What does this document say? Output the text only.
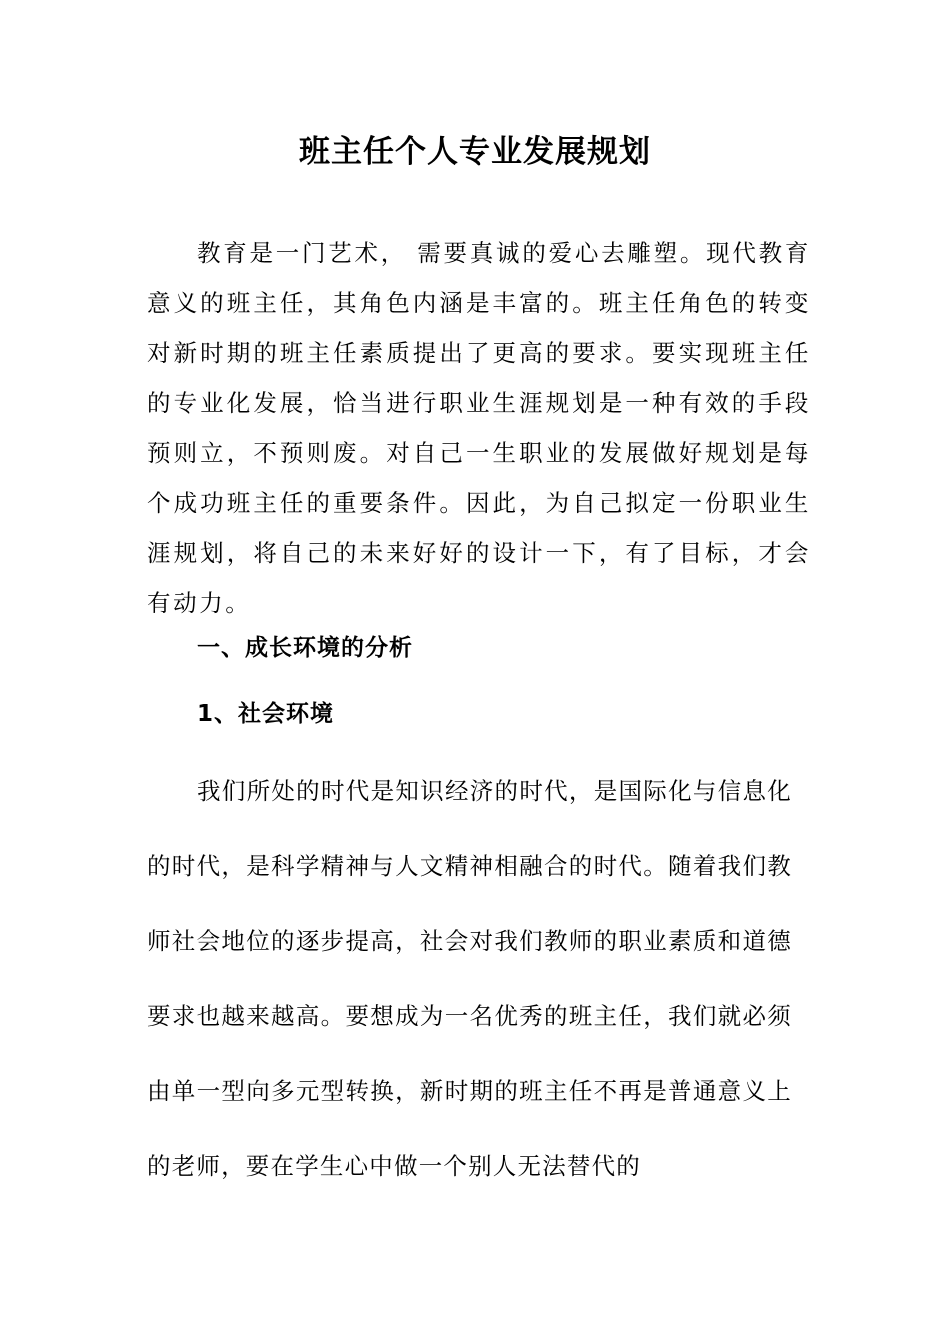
班主任个人专业发展规划

教育是一门艺术， 需要真诚的爱心去雕塑。现代教育意义的班主任，其角色内涵是丰富的。班主任角色的转变对新时期的班主任素质提出了更高的要求。要实现班主任的专业化发展，恰当进行职业生涯规划是一种有效的手段预则立，不预则废。对自己一生职业的发展做好规划是每个成功班主任的重要条件。因此，为自己拟定一份职业生涯规划，将自己的未来好好的设计一下，有了目标，才会有动力。

一、成长环境的分析

1、社会环境

我们所处的时代是知识经济的时代，是国际化与信息化的时代，是科学精神与人文精神相融合的时代。随着我们教师社会地位的逐步提高，社会对我们教师的职业素质和道德要求也越来越高。要想成为一名优秀的班主任，我们就必须由单一型向多元型转换，新时期的班主任不再是普通意义上的老师，要在学生心中做一个别人无法替代的
